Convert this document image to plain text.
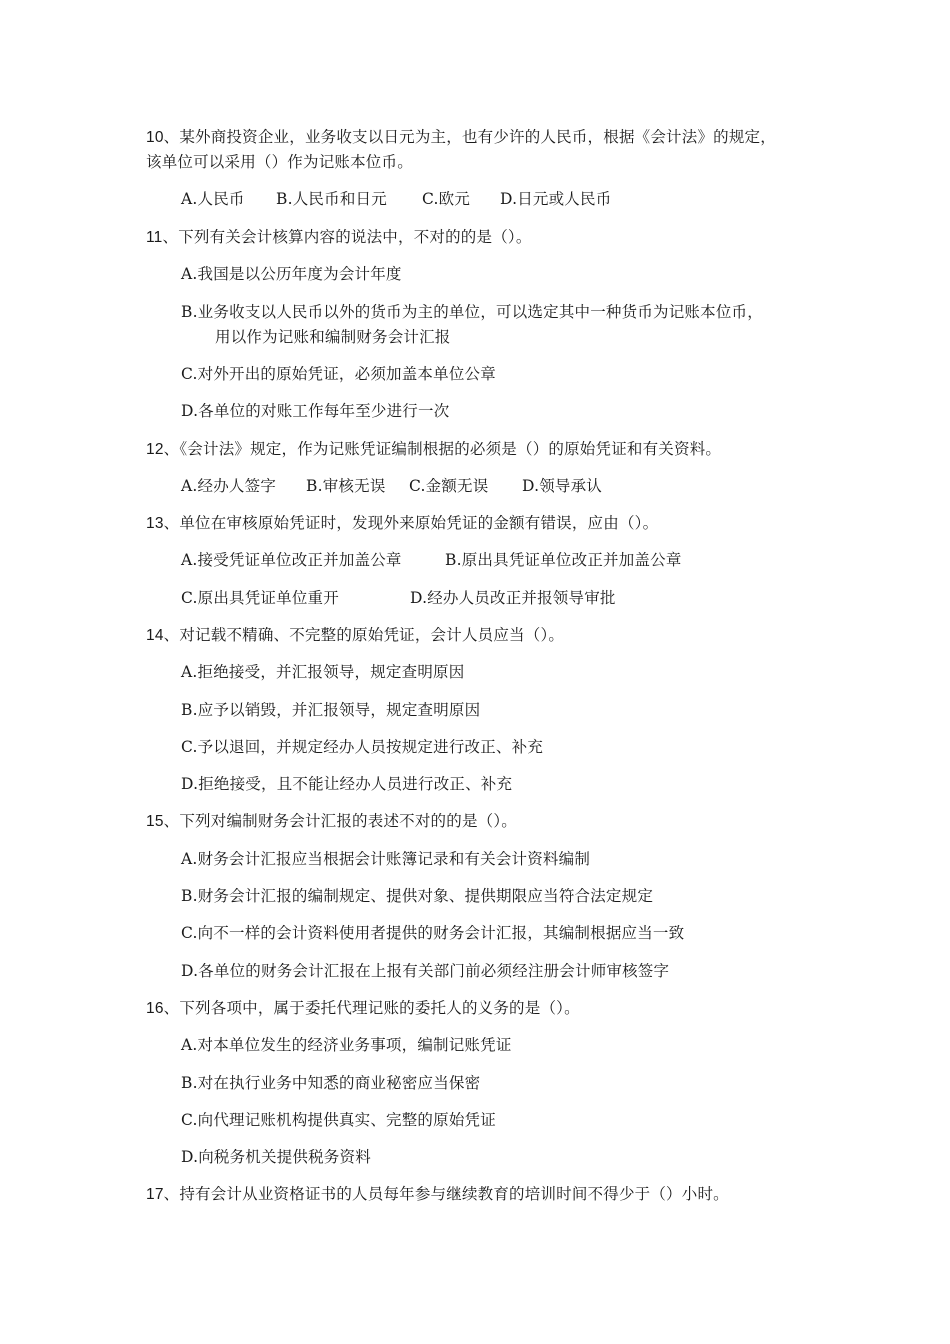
10、某外商投资企业，业务收支以日元为主，也有少许的人民币，根据《会计法》的规定，
该单位可以采用（）作为记账本位币。
A.人民币 B.人民币和日元 C.欧元 D.日元或人民币
11、下列有关会计核算内容的说法中，不对的的是（）。
A.我国是以公历年度为会计年度
B.业务收支以人民币以外的货币为主的单位，可以选定其中一种货币为记账本位币，
用以作为记账和编制财务会计汇报
C.对外开出的原始凭证，必须加盖本单位公章
D.各单位的对账工作每年至少进行一次
12、《会计法》规定，作为记账凭证编制根据的必须是（）的原始凭证和有关资料。
A.经办人签字 B.审核无误 C.金额无误 D.领导承认
13、单位在审核原始凭证时，发现外来原始凭证的金额有错误，应由（）。
A.接受凭证单位改正并加盖公章	B.原出具凭证单位改正并加盖公章
C.原出具凭证单位重开	D.经办人员改正并报领导审批
14、对记载不精确、不完整的原始凭证，会计人员应当（）。
A.拒绝接受，并汇报领导，规定查明原因
B.应予以销毁，并汇报领导，规定查明原因
C.予以退回，并规定经办人员按规定进行改正、补充
D.拒绝接受，且不能让经办人员进行改正、补充
15、下列对编制财务会计汇报的表述不对的的是（）。
A.财务会计汇报应当根据会计账簿记录和有关会计资料编制
B.财务会计汇报的编制规定、提供对象、提供期限应当符合法定规定
C.向不一样的会计资料使用者提供的财务会计汇报，其编制根据应当一致
D.各单位的财务会计汇报在上报有关部门前必须经注册会计师审核签字
16、下列各项中，属于委托代理记账的委托人的义务的是（）。
A.对本单位发生的经济业务事项，编制记账凭证
B.对在执行业务中知悉的商业秘密应当保密
C.向代理记账机构提供真实、完整的原始凭证
D.向税务机关提供税务资料
17、持有会计从业资格证书的人员每年参与继续教育的培训时间不得少于（）小时。
